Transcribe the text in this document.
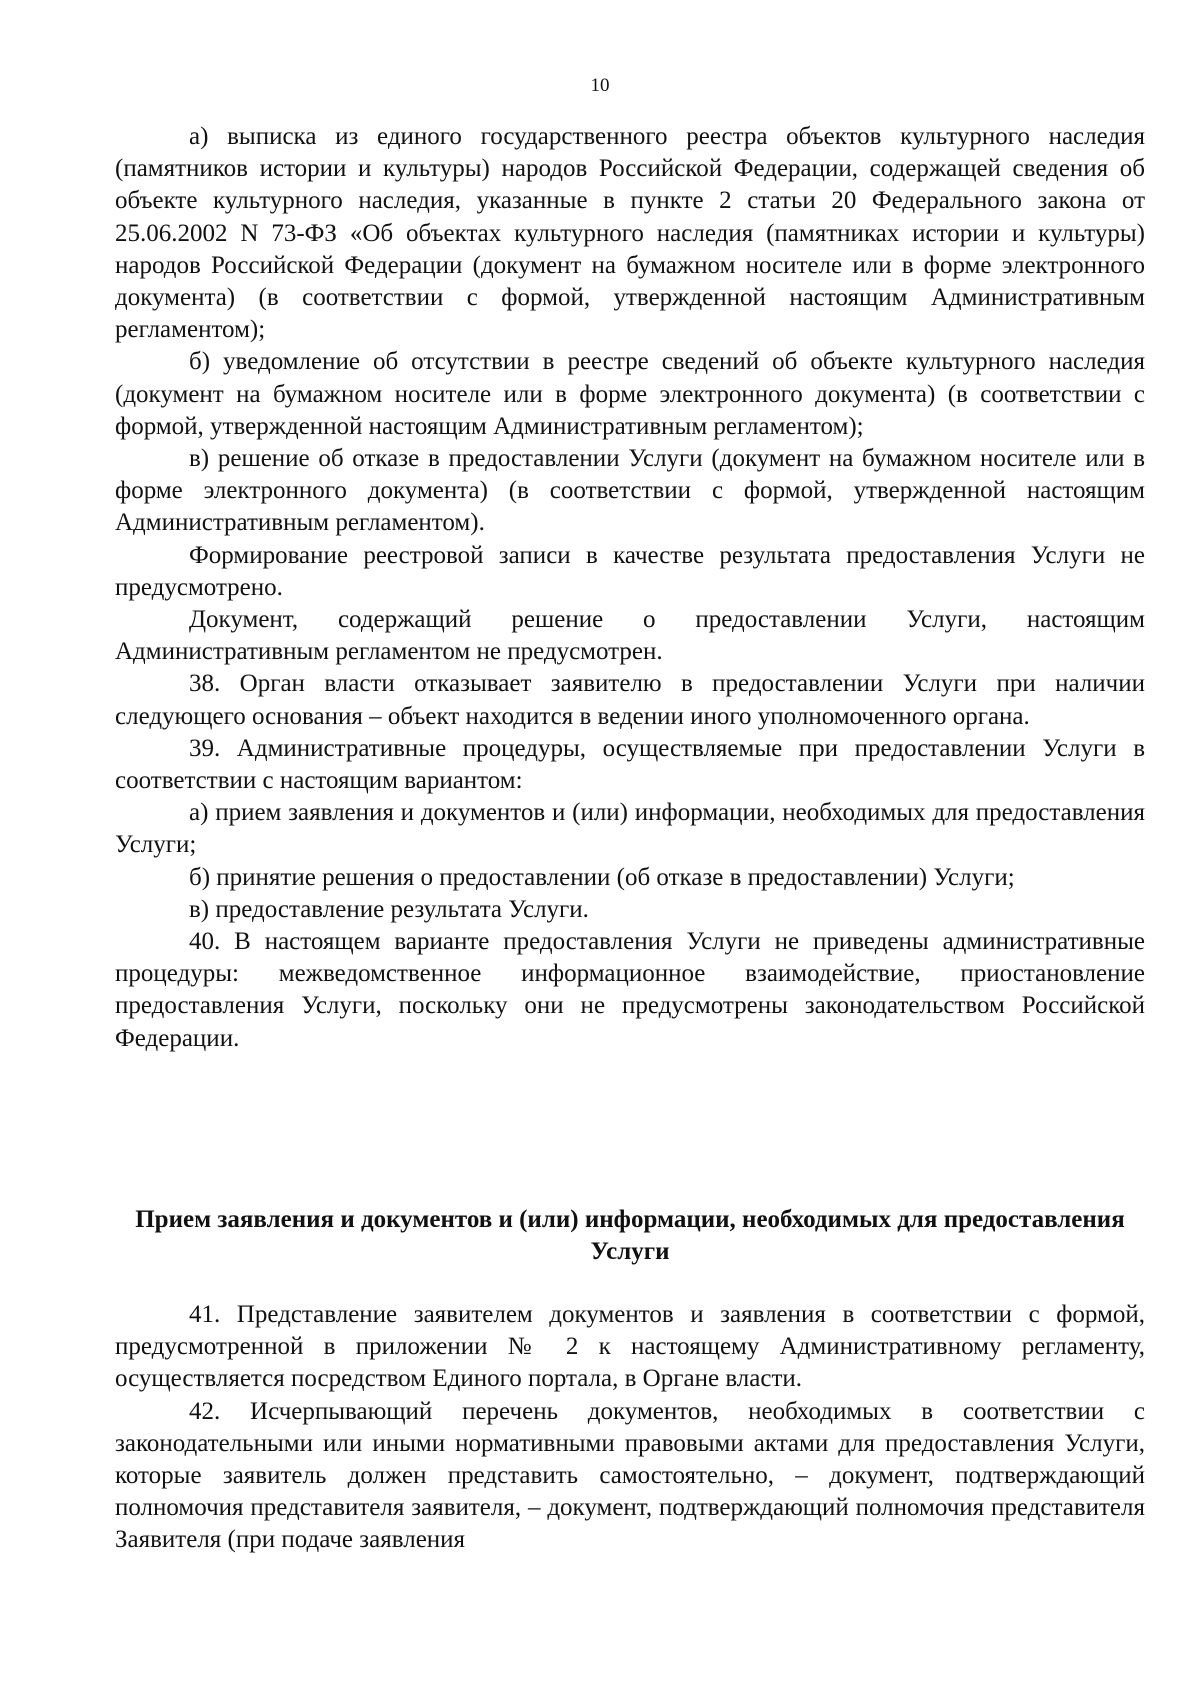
10

а) выписка из единого государственного реестра объектов культурного наследия (памятников истории и культуры) народов Российской Федерации, содержащей сведения об объекте культурного наследия, указанные в пункте 2 статьи 20 Федерального закона от 25.06.2002 N 73-ФЗ «Об объектах культурного наследия (памятниках истории и культуры) народов Российской Федерации (документ на бумажном носителе или в форме электронного документа) (в соответствии с формой, утвержденной настоящим Административным регламентом);

б) уведомление об отсутствии в реестре сведений об объекте культурного наследия (документ на бумажном носителе или в форме электронного документа) (в соответствии с формой, утвержденной настоящим Административным регламентом);

в) решение об отказе в предоставлении Услуги (документ на бумажном носителе или в форме электронного документа) (в соответствии с формой, утвержденной настоящим Административным регламентом).

Формирование реестровой записи в качестве результата предоставления Услуги не предусмотрено.

Документ, содержащий решение о предоставлении Услуги, настоящим Административным регламентом не предусмотрен.

38. Орган власти отказывает заявителю в предоставлении Услуги при наличии следующего основания – объект находится в ведении иного уполномоченного органа.

39. Административные процедуры, осуществляемые при предоставлении Услуги в соответствии с настоящим вариантом:

а) прием заявления и документов и (или) информации, необходимых для предоставления Услуги;

б) принятие решения о предоставлении (об отказе в предоставлении) Услуги;

в) предоставление результата Услуги.

40. В настоящем варианте предоставления Услуги не приведены административные процедуры: межведомственное информационное взаимодействие, приостановление предоставления Услуги, поскольку они не предусмотрены законодательством Российской Федерации.

Прием заявления и документов и (или) информации, необходимых для предоставления Услуги

41. Представление заявителем документов и заявления в соответствии с формой, предусмотренной в приложении № 2 к настоящему Административному регламенту, осуществляется посредством Единого портала, в Органе власти.

42. Исчерпывающий перечень документов, необходимых в соответствии с законодательными или иными нормативными правовыми актами для предоставления Услуги, которые заявитель должен представить самостоятельно, – документ, подтверждающий полномочия представителя заявителя, – документ, подтверждающий полномочия представителя Заявителя (при подаче заявления
